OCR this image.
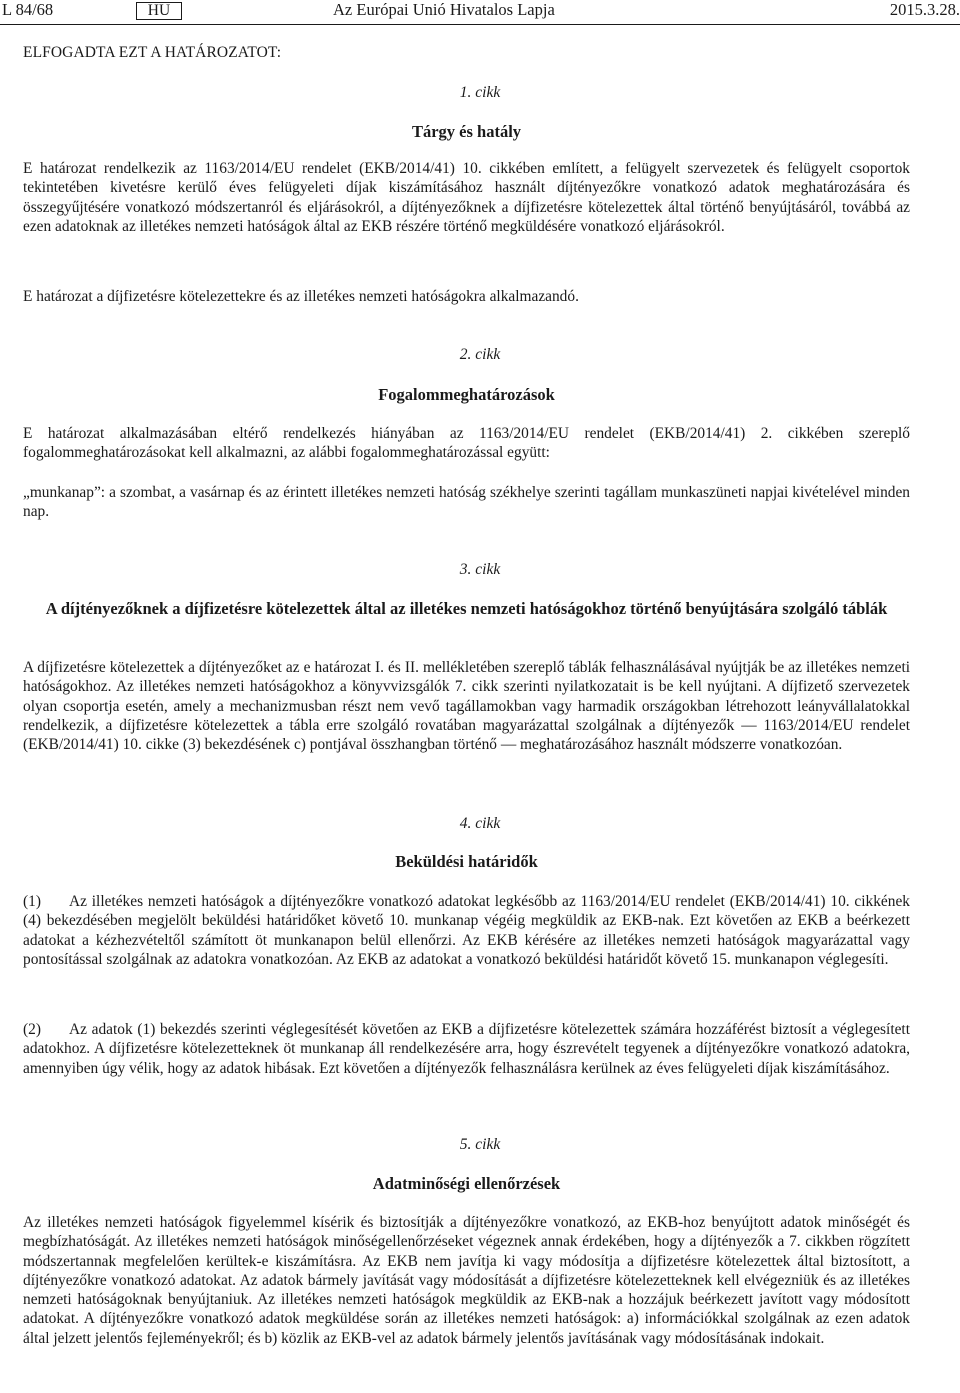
L 84/68	HU	Az Európai Unió Hivatalos Lapja	2015.3.28.
ELFOGADTA EZT A HATÁROZATOT:
1. cikk
Tárgy és hatály

E határozat rendelkezik az 1163/2014/EU rendelet (EKB/2014/41) 10. cikkében említett, a felügyelt szervezetek és felügyelt csoportok tekintetében kivetésre kerülő éves felügyeleti díjak kiszámításához használt díjtényezőkre vonatkozó adatok meghatározására és összegyűjtésére vonatkozó módszertanról és eljárásokról, a díjtényezőknek a díjfizetésre kötelezettek által történő benyújtásáról, továbbá az ezen adatoknak az illetékes nemzeti hatóságok által az EKB részére történő megküldésére vonatkozó eljárásokról.

E határozat a díjfizetésre kötelezettekre és az illetékes nemzeti hatóságokra alkalmazandó.

2. cikk
Fogalommeghatározások

E határozat alkalmazásában eltérő rendelkezés hiányában az 1163/2014/EU rendelet (EKB/2014/41) 2. cikkében szereplő fogalommeghatározásokat kell alkalmazni, az alábbi fogalommeghatározással együtt:

„munkanap”: a szombat, a vasárnap és az érintett illetékes nemzeti hatóság székhelye szerinti tagállam munkaszüneti napjai kivételével minden nap.

3. cikk
A díjtényezőknek a díjfizetésre kötelezettek által az illetékes nemzeti hatóságokhoz történő benyújtására szolgáló táblák

A díjfizetésre kötelezettek a díjtényezőket az e határozat I. és II. mellékletében szereplő táblák felhasználásával nyújtják be az illetékes nemzeti hatóságokhoz. Az illetékes nemzeti hatóságokhoz a könyvvizsgálók 7. cikk szerinti nyilatkozatait is be kell nyújtani. A díjfizető szervezetek olyan csoportja esetén, amely a mechanizmusban részt nem vevő tagállamokban vagy harmadik országokban létrehozott leányvállalatokkal rendelkezik, a díjfizetésre kötelezettek a tábla erre szolgáló rovatában magyarázattal szolgálnak a díjtényezők — 1163/2014/EU rendelet (EKB/2014/41) 10. cikke (3) bekezdésének c) pontjával összhangban történő — meghatározásához használt módszerre vonatkozóan.

4. cikk
Beküldési határidők

(1) Az illetékes nemzeti hatóságok a díjtényezőkre vonatkozó adatokat legkésőbb az 1163/2014/EU rendelet (EKB/2014/41) 10. cikkének (4) bekezdésében megjelölt beküldési határidőket követő 10. munkanap végéig megküldik az EKB-nak. Ezt követően az EKB a beérkezett adatokat a kézhezvételtől számított öt munkanapon belül ellenőrzi. Az EKB kérésére az illetékes nemzeti hatóságok magyarázattal vagy pontosítással szolgálnak az adatokra vonatkozóan. Az EKB az adatokat a vonatkozó beküldési határidőt követő 15. munkanapon véglegesíti.

(2) Az adatok (1) bekezdés szerinti véglegesítését követően az EKB a díjfizetésre kötelezettek számára hozzáférést biztosít a véglegesített adatokhoz. A díjfizetésre kötelezetteknek öt munkanap áll rendelkezésére arra, hogy észrevételt tegyenek a díjtényezőkre vonatkozó adatokra, amennyiben úgy vélik, hogy az adatok hibásak. Ezt követően a díjtényezők felhasználásra kerülnek az éves felügyeleti díjak kiszámításához.

5. cikk
Adatminőségi ellenőrzések

Az illetékes nemzeti hatóságok figyelemmel kísérik és biztosítják a díjtényezőkre vonatkozó, az EKB-hoz benyújtott adatok minőségét és megbízhatóságát. Az illetékes nemzeti hatóságok minőségellenőrzéseket végeznek annak érdekében, hogy a díjtényezők a 7. cikkben rögzített módszertannak megfelelően kerültek-e kiszámításra. Az EKB nem javítja ki vagy módosítja a díjfizetésre kötelezettek által biztosított, a díjtényezőkre vonatkozó adatokat. Az adatok bármely javítását vagy módosítását a díjfizetésre kötelezetteknek kell elvégezniük és az illetékes nemzeti hatóságoknak benyújtaniuk. Az illetékes nemzeti hatóságok megküldik az EKB-nak a hozzájuk beérkezett javított vagy módosított adatokat. A díjtényezőkre vonatkozó adatok megküldése során az illetékes nemzeti hatóságok: a) információkkal szolgálnak az ezen adatok által jelzett jelentős fejleményekről; és b) közlik az EKB-vel az adatok bármely jelentős javításának vagy módosításának indokait.
